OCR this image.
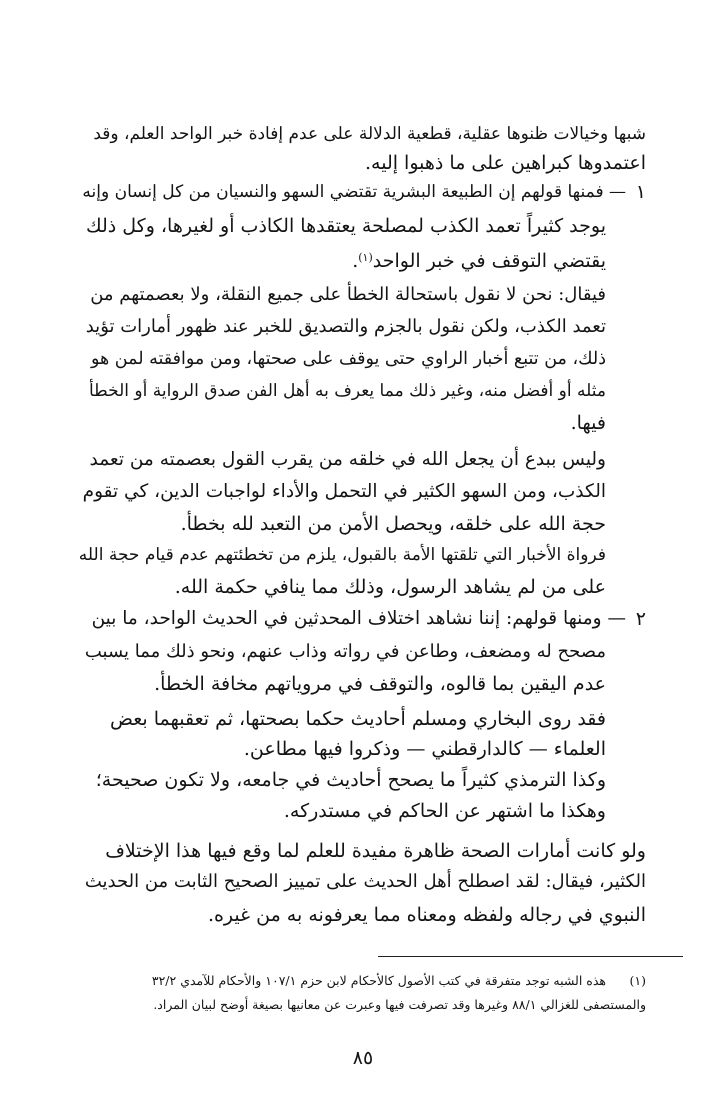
شبها وخيالات ظنوها عقلية، قطعية الدلالة على عدم إفادة خبر الواحد العلم، وقد
اعتمدوها كبراهين على ما ذهبوا إليه.
١
— فمنها قولهم إن الطبيعة البشرية تقتضي السهو والنسيان من كل إنسان وإنه
يوجد كثيراً تعمد الكذب لمصلحة يعتقدها الكاذب أو لغيرها، وكل ذلك
يقتضي التوقف في خبر الواحد$^{(١)}$.
فيقال: نحن لا نقول باستحالة الخطأ على جميع النقلة، ولا بعصمتهم من
تعمد الكذب، ولكن نقول بالجزم والتصديق للخبر عند ظهور أمارات تؤيد
ذلك، من تتبع أخبار الراوي حتى يوقف على صحتها، ومن موافقته لمن هو
مثله أو أفضل منه، وغير ذلك مما يعرف به أهل الفن صدق الرواية أو الخطأ
فيها.
وليس ببدع أن يجعل الله في خلقه من يقرب القول بعصمته من تعمد
الكذب، ومن السهو الكثير في التحمل والأداء لواجبات الدين، كي تقوم
حجة الله على خلقه، ويحصل الأمن من التعبد لله بخطأ.
فرواة الأخبار التي تلقتها الأمة بالقبول، يلزم من تخطئتهم عدم قيام حجة الله
على من لم يشاهد الرسول، وذلك مما ينافي حكمة الله.
٢
— ومنها قولهم: إننا نشاهد اختلاف المحدثين في الحديث الواحد، ما بين
مصحح له ومضعف، وطاعن في رواته وذاب عنهم، ونحو ذلك مما يسبب
عدم اليقين بما قالوه، والتوقف في مروياتهم مخافة الخطأ.
فقد روى البخاري ومسلم أحاديث حكما بصحتها، ثم تعقبهما بعض
العلماء — كالدارقطني — وذكروا فيها مطاعن.
وكذا الترمذي كثيراً ما يصحح أحاديث في جامعه، ولا تكون صحيحة؛
وهكذا ما اشتهر عن الحاكم في مستدركه.
ولو كانت أمارات الصحة ظاهرة مفيدة للعلم لما وقع فيها هذا الإختلاف
الكثير، فيقال: لقد اصطلح أهل الحديث على تمييز الصحيح الثابت من الحديث
النبوي في رجاله ولفظه ومعناه مما يعرفونه به من غيره.
(١)
هذه الشبه توجد متفرقة في كتب الأصول كالأحكام لابن حزم ١٠٧/١ والأحكام للآمدي ٣٢/٢
والمستصفى للغزالي ٨٨/١ وغيرها وقد تصرفت فيها وعبرت عن معانيها بصيغة أوضح لبيان المراد.
٨٥
